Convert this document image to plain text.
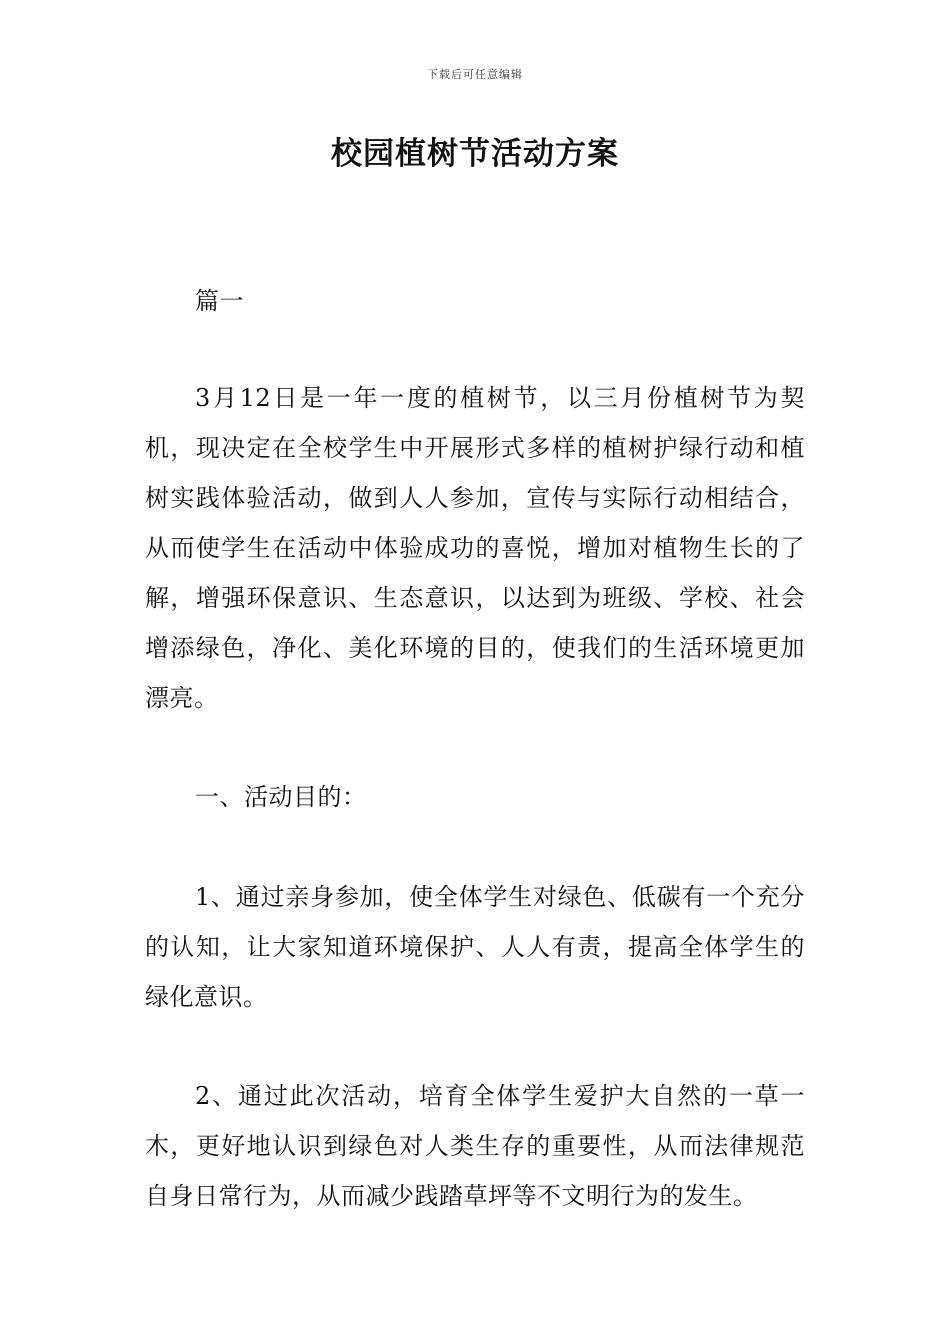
下载后可任意编辑
校园植树节活动方案

篇一

3月12日是一年一度的植树节，以三月份植树节为契机，现决定在全校学生中开展形式多样的植树护绿行动和植树实践体验活动，做到人人参加，宣传与实际行动相结合，从而使学生在活动中体验成功的喜悦，增加对植物生长的了解，增强环保意识、生态意识，以达到为班级、学校、社会增添绿色，净化、美化环境的目的，使我们的生活环境更加漂亮。

一、活动目的：

1、通过亲身参加，使全体学生对绿色、低碳有一个充分的认知，让大家知道环境保护、人人有责，提高全体学生的绿化意识。

2、通过此次活动，培育全体学生爱护大自然的一草一木，更好地认识到绿色对人类生存的重要性，从而法律规范自身日常行为，从而减少践踏草坪等不文明行为的发生。
